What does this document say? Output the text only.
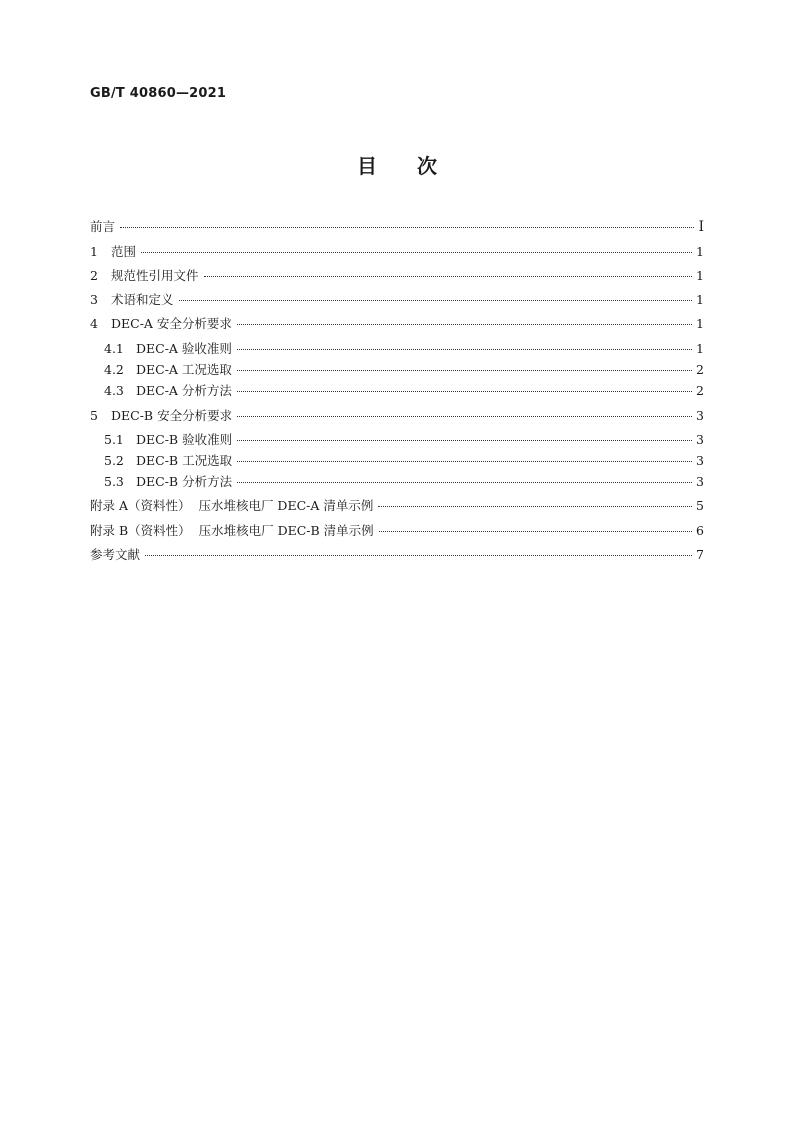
GB/T 40860—2021
目次
前言	I
1	范围	1
2	规范性引用文件	1
3	术语和定义	1
4	DEC-A 安全分析要求	1
4.1 DEC-A 验收准则	1
4.2 DEC-A 工况选取	2
4.3 DEC-A 分析方法	2
5	DEC-B 安全分析要求	3
5.1 DEC-B 验收准则	3
5.2 DEC-B 工况选取	3
5.3 DEC-B 分析方法	3
附录 A（资料性）  压水堆核电厂 DEC-A 清单示例	5
附录 B（资料性）  压水堆核电厂 DEC-B 清单示例	6
参考文献	7
